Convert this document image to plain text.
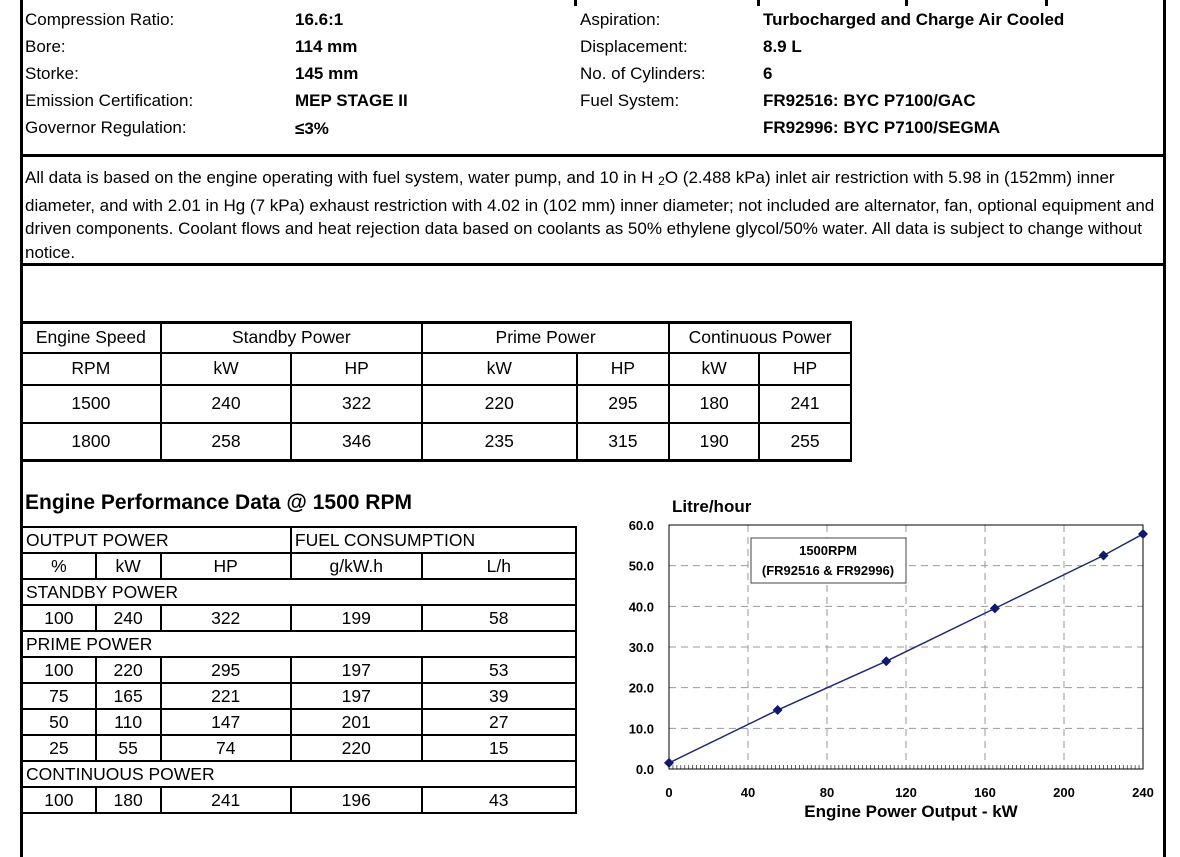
Compression Ratio:	16.6:1
Bore:	114 mm
Storke:	145 mm
Emission Certification:	MEP STAGE II
Governor Regulation:	≤3%
Aspiration:	Turbocharged and Charge Air Cooled
Displacement:	8.9 L
No. of Cylinders:	6
Fuel System:	FR92516: BYC P7100/GAC
FR92996: BYC P7100/SEGMA
All data is based on the engine operating with fuel system, water pump, and 10 in H $_2$O (2.488 kPa) inlet air restriction with 5.98 in (152mm) inner diameter, and with 2.01 in Hg (7 kPa) exhaust restriction with 4.02 in (102 mm) inner diameter; not included are alternator, fan, optional equipment and driven components. Coolant flows and heat rejection data based on coolants as 50% ethylene glycol/50% water. All data is subject to change without notice.
Engine Speed	Standby Power		Prime Power		Continuous Power	
RPM	kW	HP	kW	HP	kW	HP
1500	240	322	220	295	180	241
1800	258	346	235	315	190	255
Engine Performance Data @ 1500 RPM
OUTPUT POWER			FUEL CONSUMPTION	
%	kW	HP	g/kW.h	L/h
STANDBY POWER				
100	240	322	199	58
PRIME POWER				
100	220	295	197	53
75	165	221	197	39
50	110	147	201	27
25	55	74	220	15
CONTINUOUS POWER				
100	180	241	196	43
Litre/hour
Engine Power Output - kW
1500RPM
(FR92516 & FR92996)
0.0
10.0
20.0
30.0
40.0
50.0
60.0
0	40	80	120	160	200	240
